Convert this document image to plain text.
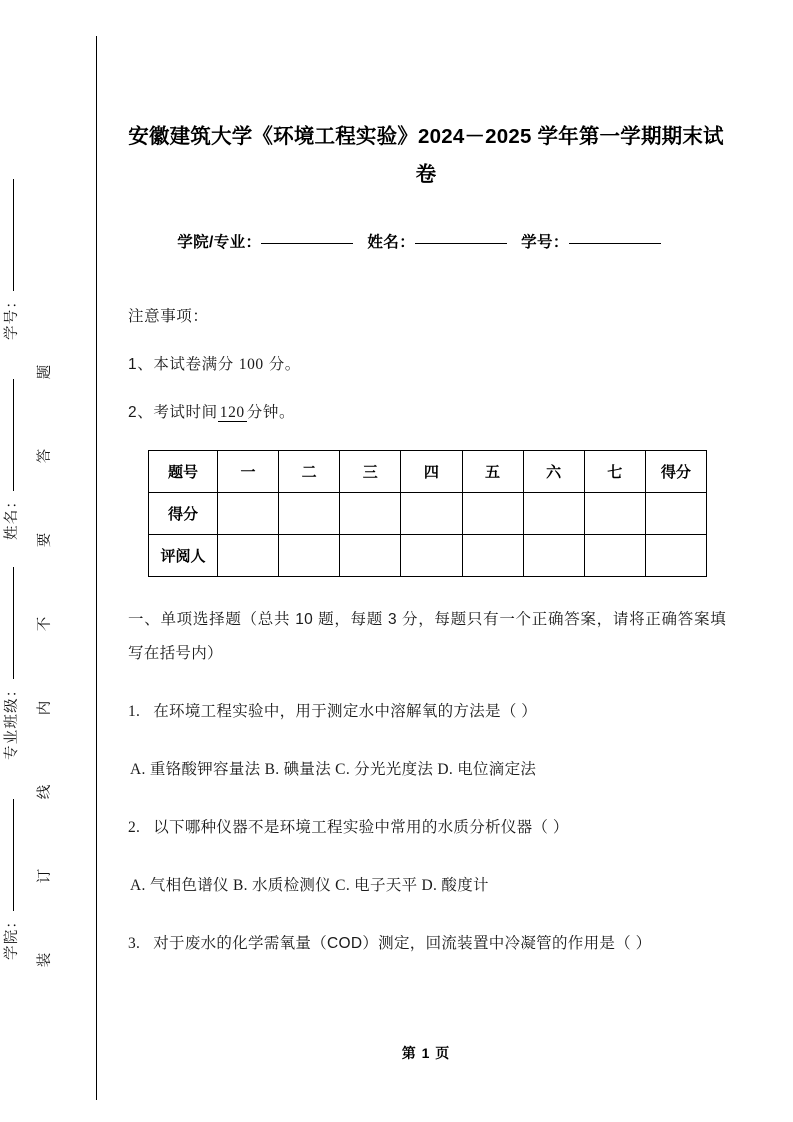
学号：
姓名：
专业班级：
学院：
题
答
要
不
内
线
订
装
安徽建筑大学《环境工程实验》2024－2025 学年第一学期期末试卷
学院/专业：	姓名：	学号：

注意事项：

1、本试卷满分 100 分。

2、考试时间 120 分钟。

题号	一	二	三	四	五	六	七	得分
得分								
评阅人								

一、单项选择题（总共 10 题，每题 3 分，每题只有一个正确答案，请将正确答案填写在括号内）

1. 在环境工程实验中，用于测定水中溶解氧的方法是（ ）

A. 重铬酸钾容量法 B. 碘量法 C. 分光光度法 D. 电位滴定法

2. 以下哪种仪器不是环境工程实验中常用的水质分析仪器（ ）

A. 气相色谱仪 B. 水质检测仪 C. 电子天平 D. 酸度计

3. 对于废水的化学需氧量（COD）测定，回流装置中冷凝管的作用是（ ）

第 1 页
